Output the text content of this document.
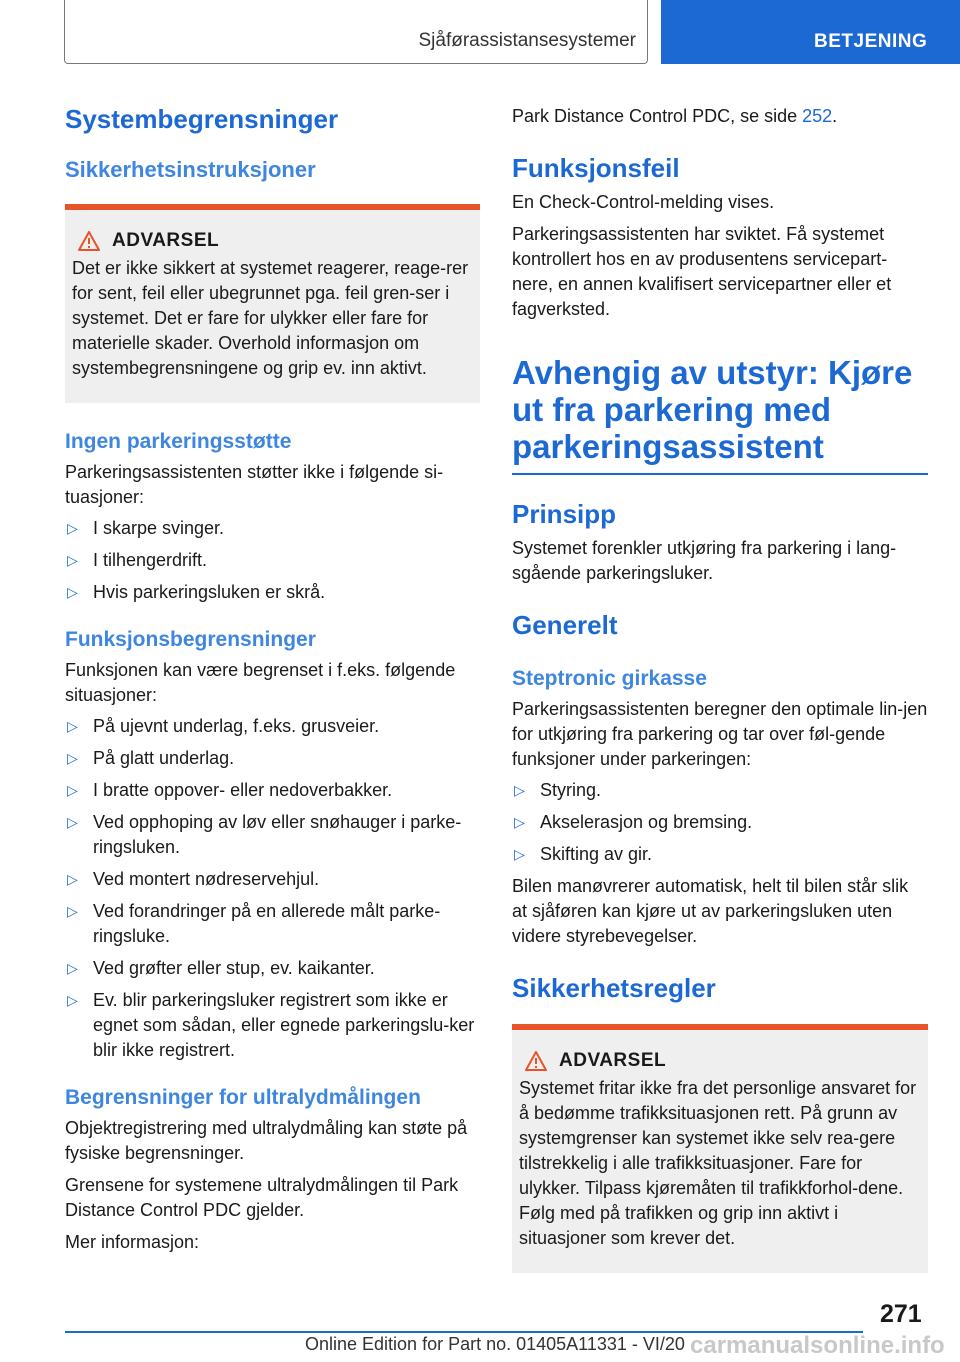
Sjåførassistansesystemer	BETJENING
Systembegrensninger
Sikkerhetsinstruksjoner
ADVARSEL

Det er ikke sikkert at systemet reagerer, reage-rer for sent, feil eller ubegrunnet pga. feil gren-ser i systemet. Det er fare for ulykker eller fare for materielle skader. Overhold informasjon om systembegrensningene og grip ev. inn aktivt.

Ingen parkeringsstøtte

Parkeringsassistenten støtter ikke i følgende si-tuasjoner:

▷ I skarpe svinger.
▷ I tilhengerdrift.
▷ Hvis parkeringsluken er skrå.
Funksjonsbegrensninger

Funksjonen kan være begrenset i f.eks. følgende situasjoner:

▷ På ujevnt underlag, f.eks. grusveier.
▷ På glatt underlag.
▷ I bratte oppover- eller nedoverbakker.
▷ Ved opphoping av løv eller snøhauger i parke-ringsluken.
▷ Ved montert nødreservehjul.
▷ Ved forandringer på en allerede målt parke-ringsluke.
▷ Ved grøfter eller stup, ev. kaikanter.
▷ Ev. blir parkeringsluker registrert som ikke er egnet som sådan, eller egnede parkeringslu-ker blir ikke registrert.
Begrensninger for ultralydmålingen

Objektregistrering med ultralydmåling kan støte på fysiske begrensninger.

Grensene for systemene ultralydmålingen til Park Distance Control PDC gjelder.

Mer informasjon:

Park Distance Control PDC, se side 252.

Funksjonsfeil

En Check-Control-melding vises.

Parkeringsassistenten har sviktet. Få systemet kontrollert hos en av produsentens servicepart-nere, en annen kvalifisert servicepartner eller et fagverksted.

Avhengig av utstyr: Kjøre ut fra parkering med parkeringsassistent
Prinsipp

Systemet forenkler utkjøring fra parkering i lang-sgående parkeringsluker.

Generelt
Steptronic girkasse

Parkeringsassistenten beregner den optimale lin-jen for utkjøring fra parkering og tar over føl-gende funksjoner under parkeringen:

▷ Styring.
▷ Akselerasjon og bremsing.
▷ Skifting av gir.

Bilen manøvrerer automatisk, helt til bilen står slik at sjåføren kan kjøre ut av parkeringsluken uten videre styrebevegelser.

Sikkerhetsregler
ADVARSEL

Systemet fritar ikke fra det personlige ansvaret for å bedømme trafikksituasjonen rett. På grunn av systemgrenser kan systemet ikke selv rea-gere tilstrekkelig i alle trafikksituasjoner. Fare for ulykker. Tilpass kjøremåten til trafikkforhol-dene. Følg med på trafikken og grip inn aktivt i situasjoner som krever det.

271
Online Edition for Part no. 01405A11331 - VI/20 carmanualsonline.info
